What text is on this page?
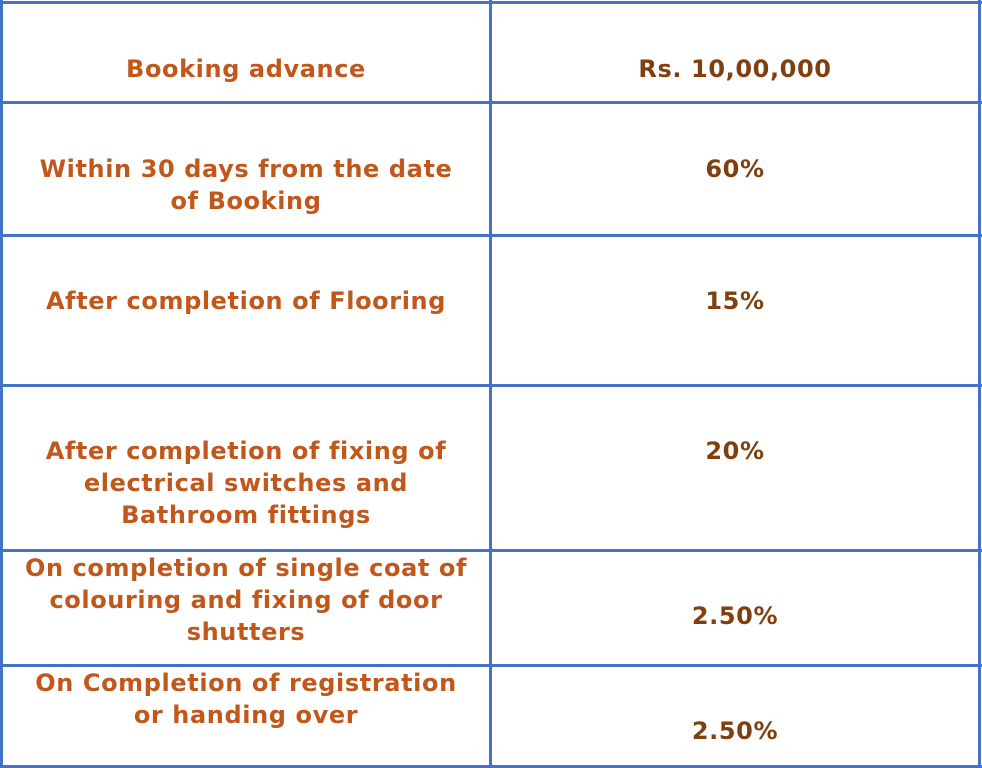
Booking advance	Rs. 10,00,000
Within 30 days from the date of Booking
60%
After completion of Flooring	15%
After completion of fixing of electrical switches and Bathroom fittings
20%
On completion of single coat of colouring and fixing of door shutters
2.50%
On Completion of registration or handing over
2.50%
